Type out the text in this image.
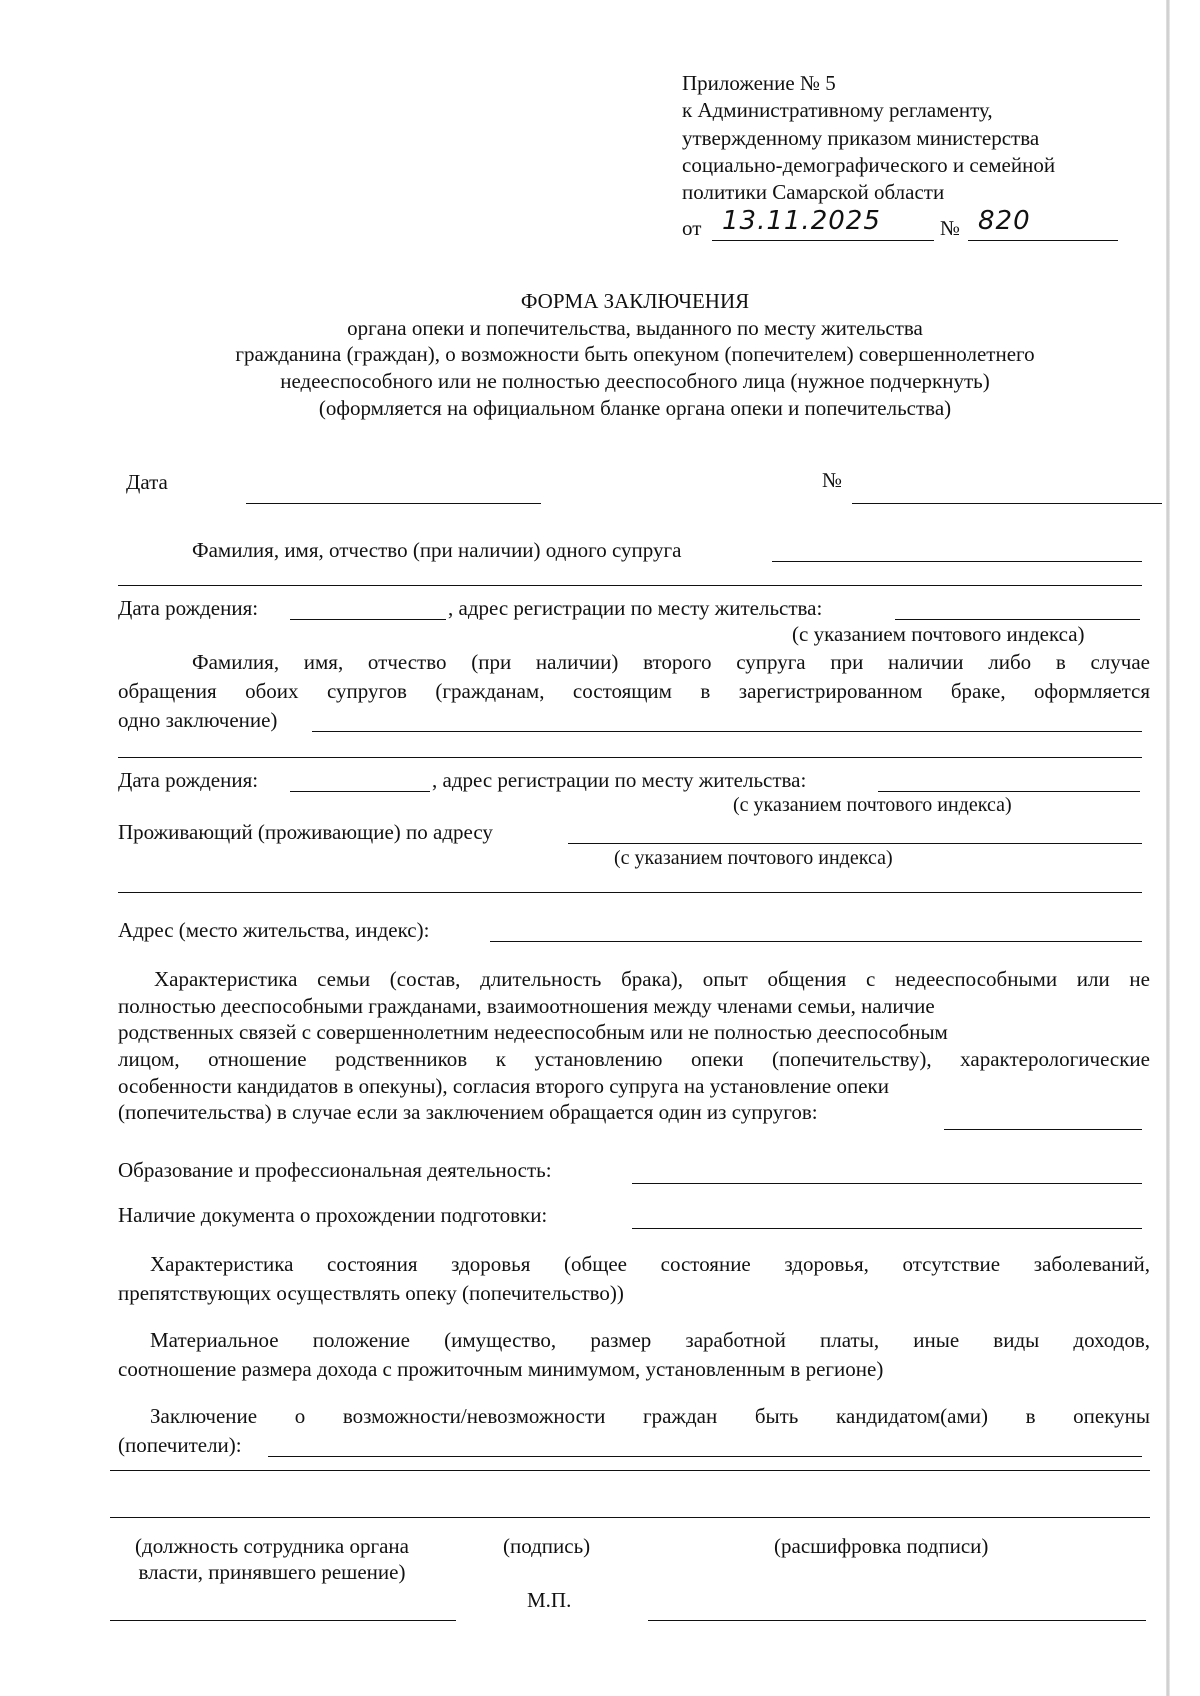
Приложение № 5
к Административному регламенту,
утвержденному приказом министерства
социально-демографического и семейной
политики Самарской области
от 13.11.2025	№ 820
ФОРМА ЗАКЛЮЧЕНИЯ
органа опеки и попечительства, выданного по месту жительства
гражданина (граждан), о возможности быть опекуном (попечителем) совершеннолетнего
недееспособного или не полностью дееспособного лица (нужное подчеркнуть)
(оформляется на официальном бланке органа опеки и попечительства)
Дата	№
Фамилия, имя, отчество (при наличии) одного супруга
Дата рождения:	, адрес регистрации по месту жительства:
(с указанием почтового индекса)
Фамилия, имя, отчество (при наличии) второго супруга при наличии либо в случае
обращения обоих супругов (гражданам, состоящим в зарегистрированном браке, оформляется
одно заключение)
Дата рождения:	, адрес регистрации по месту жительства:
(с указанием почтового индекса)
Проживающий (проживающие) по адресу
(с указанием почтового индекса)
Адрес (место жительства, индекс):
Характеристика семьи (состав, длительность брака), опыт общения с недееспособными или не
полностью дееспособными гражданами, взаимоотношения между членами семьи, наличие
родственных связей с совершеннолетним недееспособным или не полностью дееспособным
лицом, отношение родственников к установлению опеки (попечительству), характерологические
особенности кандидатов в опекуны), согласия второго супруга на установление опеки
(попечительства) в случае если за заключением обращается один из супругов:
Образование и профессиональная деятельность:
Наличие документа о прохождении подготовки:
Характеристика состояния здоровья (общее состояние здоровья, отсутствие заболеваний,
препятствующих осуществлять опеку (попечительство))
Материальное положение (имущество, размер заработной платы, иные виды доходов,
соотношение размера дохода с прожиточным минимумом, установленным в регионе)
Заключение о возможности/невозможности граждан быть кандидатом(ами) в опекуны
(попечители):
(должность сотрудника органа
власти, принявшего решение)
(подпись)	(расшифровка подписи)
М.П.
